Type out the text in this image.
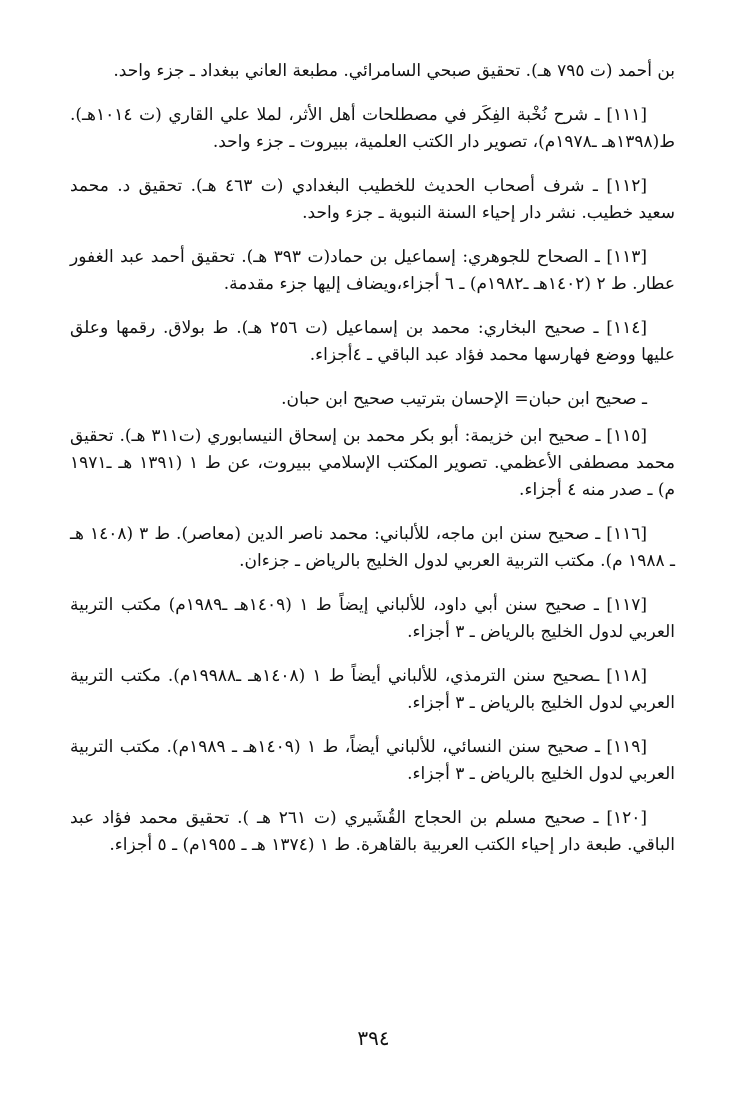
بن أحمد (ت ٧٩٥ هـ). تحقيق صبحي السامرائي. مطبعة العاني ببغداد ـ جزء واحد.

[١١١] ـ شرح نُخْبة الفِكَر في مصطلحات أهل الأثر، لملا علي القاري (ت ١٠١٤هـ). ط(١٣٩٨هـ ـ١٩٧٨م)، تصوير دار الكتب العلمية، ببيروت ـ جزء واحد.

[١١٢] ـ شرف أصحاب الحديث للخطيب البغدادي (ت ٤٦٣ هـ). تحقيق د. محمد سعيد خطيب. نشر دار إحياء السنة النبوية ـ جزء واحد.

[١١٣] ـ الصحاح للجوهري: إسماعيل بن حماد(ت ٣٩٣ هـ). تحقيق أحمد عبد الغفور عطار. ط ٢ (١٤٠٢هـ ـ١٩٨٢م) ـ ٦ أجزاء،ويضاف إليها جزء مقدمة.

[١١٤] ـ صحيح البخاري: محمد بن إسماعيل (ت ٢٥٦ هـ). ط بولاق. رقمها وعلق عليها ووضع فهارسها محمد فؤاد عبد الباقي ـ ٤أجزاء.

ـ صحيح ابن حبان= الإحسان بترتيب صحيح ابن حبان.

[١١٥] ـ صحيح ابن خزيمة: أبو بكر محمد بن إسحاق النيسابوري (ت٣١١ هـ). تحقيق محمد مصطفى الأعظمي. تصوير المكتب الإسلامي ببيروت، عن ط ١ (١٣٩١ هـ ـ١٩٧١ م) ـ صدر منه ٤ أجزاء.

[١١٦] ـ صحيح سنن ابن ماجه، للألباني: محمد ناصر الدين (معاصر). ط ٣ (١٤٠٨ هـ ـ ١٩٨٨ م). مكتب التربية العربي لدول الخليج بالرياض ـ جزءان.

[١١٧] ـ صحيح سنن أبي داود، للألباني إيضاً ط ١ (١٤٠٩هـ ـ١٩٨٩م) مكتب التربية العربي لدول الخليج بالرياض ـ ٣ أجزاء.

[١١٨] ـصحيح سنن الترمذي، للألباني أيضاً ط ١ (١٤٠٨هـ ـ١٩٩٨٨م). مكتب التربية العربي لدول الخليج بالرياض ـ ٣ أجزاء.

[١١٩] ـ صحيح سنن النسائي، للألباني أيضاً، ط ١ (١٤٠٩هـ ـ ١٩٨٩م). مكتب التربية العربي لدول الخليج بالرياض ـ ٣ أجزاء.

[١٢٠] ـ صحيح مسلم بن الحجاج القُشَيري (ت ٢٦١ هـ ). تحقيق محمد فؤاد عبد الباقي. طبعة دار إحياء الكتب العربية بالقاهرة. ط ١ (١٣٧٤ هـ ـ ١٩٥٥م) ـ ٥ أجزاء.

٣٩٤
